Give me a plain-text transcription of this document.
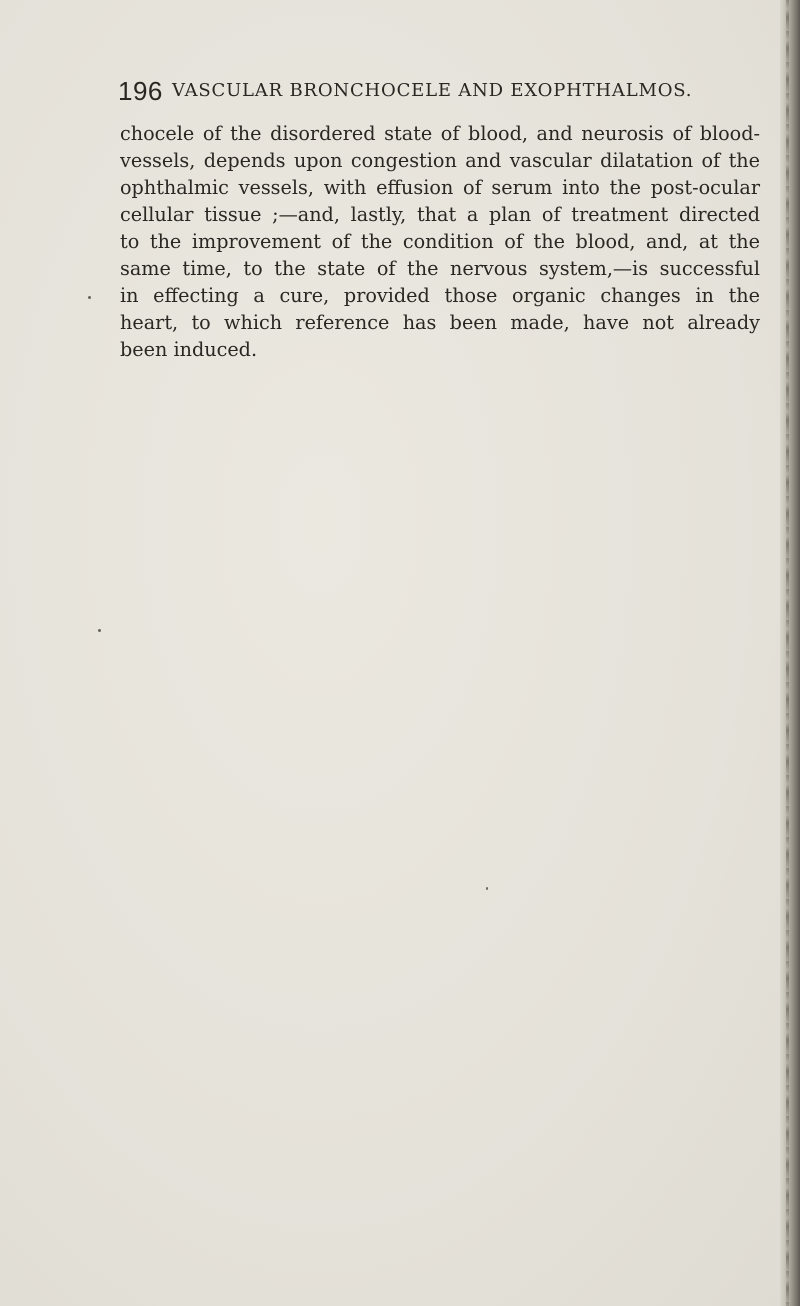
196 VASCULAR BRONCHOCELE AND EXOPHTHALMOS.
chocele of the disordered state of blood, and neurosis of blood-
vessels, depends upon congestion and vascular dilatation of the
ophthalmic vessels, with effusion of serum into the post-ocular
cellular tissue ;—and, lastly, that a plan of treatment directed
to the improvement of the condition of the blood, and, at the
same time, to the state of the nervous system,—is successful
in effecting a cure, provided those organic changes in the
heart, to which reference has been made, have not already
been induced.
